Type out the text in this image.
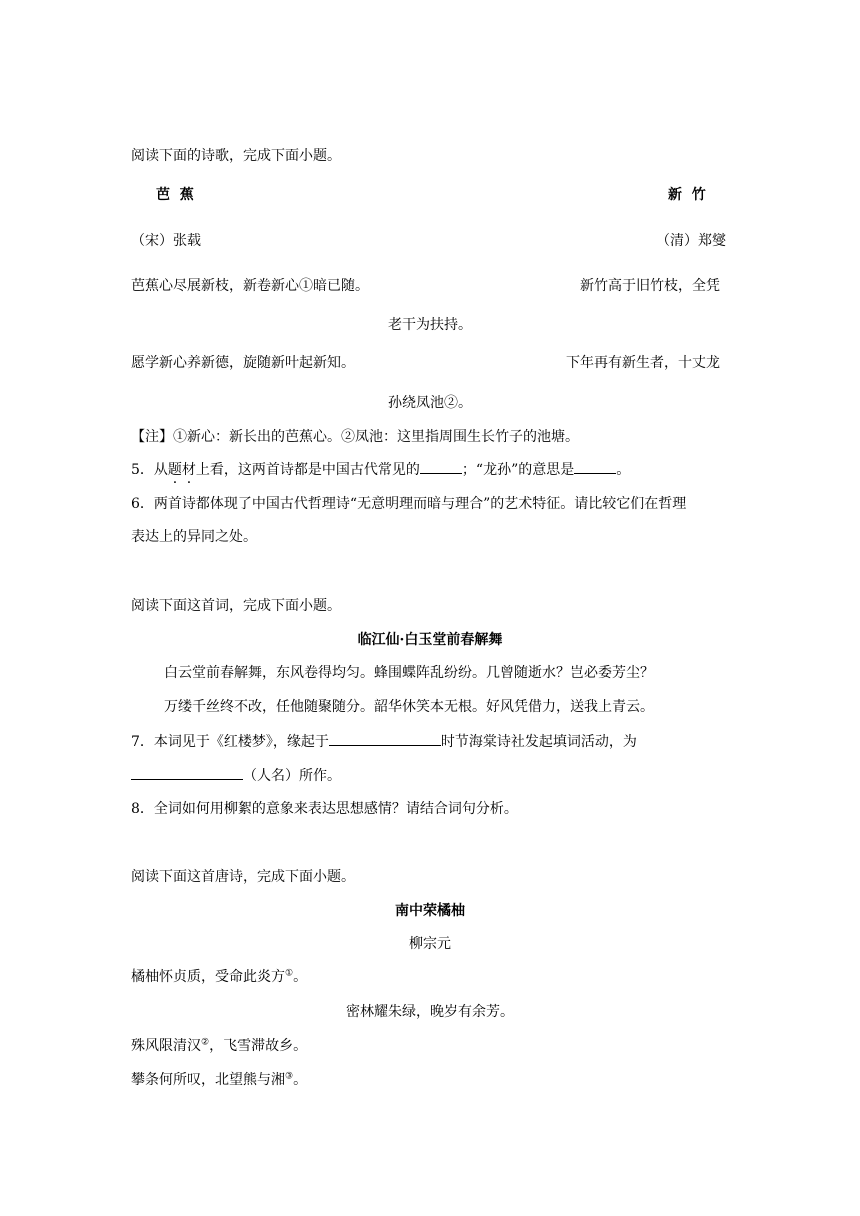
阅读下面的诗歌，完成下面小题。
芭  蕉	新  竹
（宋）张载	（清）郑燮
芭蕉心尽展新枝，新卷新心①暗已随。	新竹高于旧竹枝，全凭
老干为扶持。
愿学新心养新德，旋随新叶起新知。	下年再有新生者，十丈龙
孙绕凤池②。
【注】①新心：新长出的芭蕉心。②凤池：这里指周围生长竹子的池塘。
5．从题材上看，这两首诗都是中国古代常见的	；“龙孙”的意思是	。
6．两首诗都体现了中国古代哲理诗“无意明理而暗与理合”的艺术特征。请比较它们在哲理
表达上的异同之处。
阅读下面这首词，完成下面小题。
临江仙·白玉堂前春解舞
白云堂前春解舞，东风卷得均匀。蜂围蝶阵乱纷纷。几曾随逝水？岂必委芳尘？
万缕千丝终不改，任他随聚随分。韶华休笑本无根。好风凭借力，送我上青云。
7．本词见于《红楼梦》，缘起于	时节海棠诗社发起填词活动，为
（人名）所作。
8．全词如何用柳絮的意象来表达思想感情？请结合词句分析。
阅读下面这首唐诗，完成下面小题。
南中荣橘柚
柳宗元
橘柚怀贞质，受命此炎方①。
密林耀朱绿，晚岁有余芳。
殊风限清汉②，飞雪滞故乡。
攀条何所叹，北望熊与湘③。
